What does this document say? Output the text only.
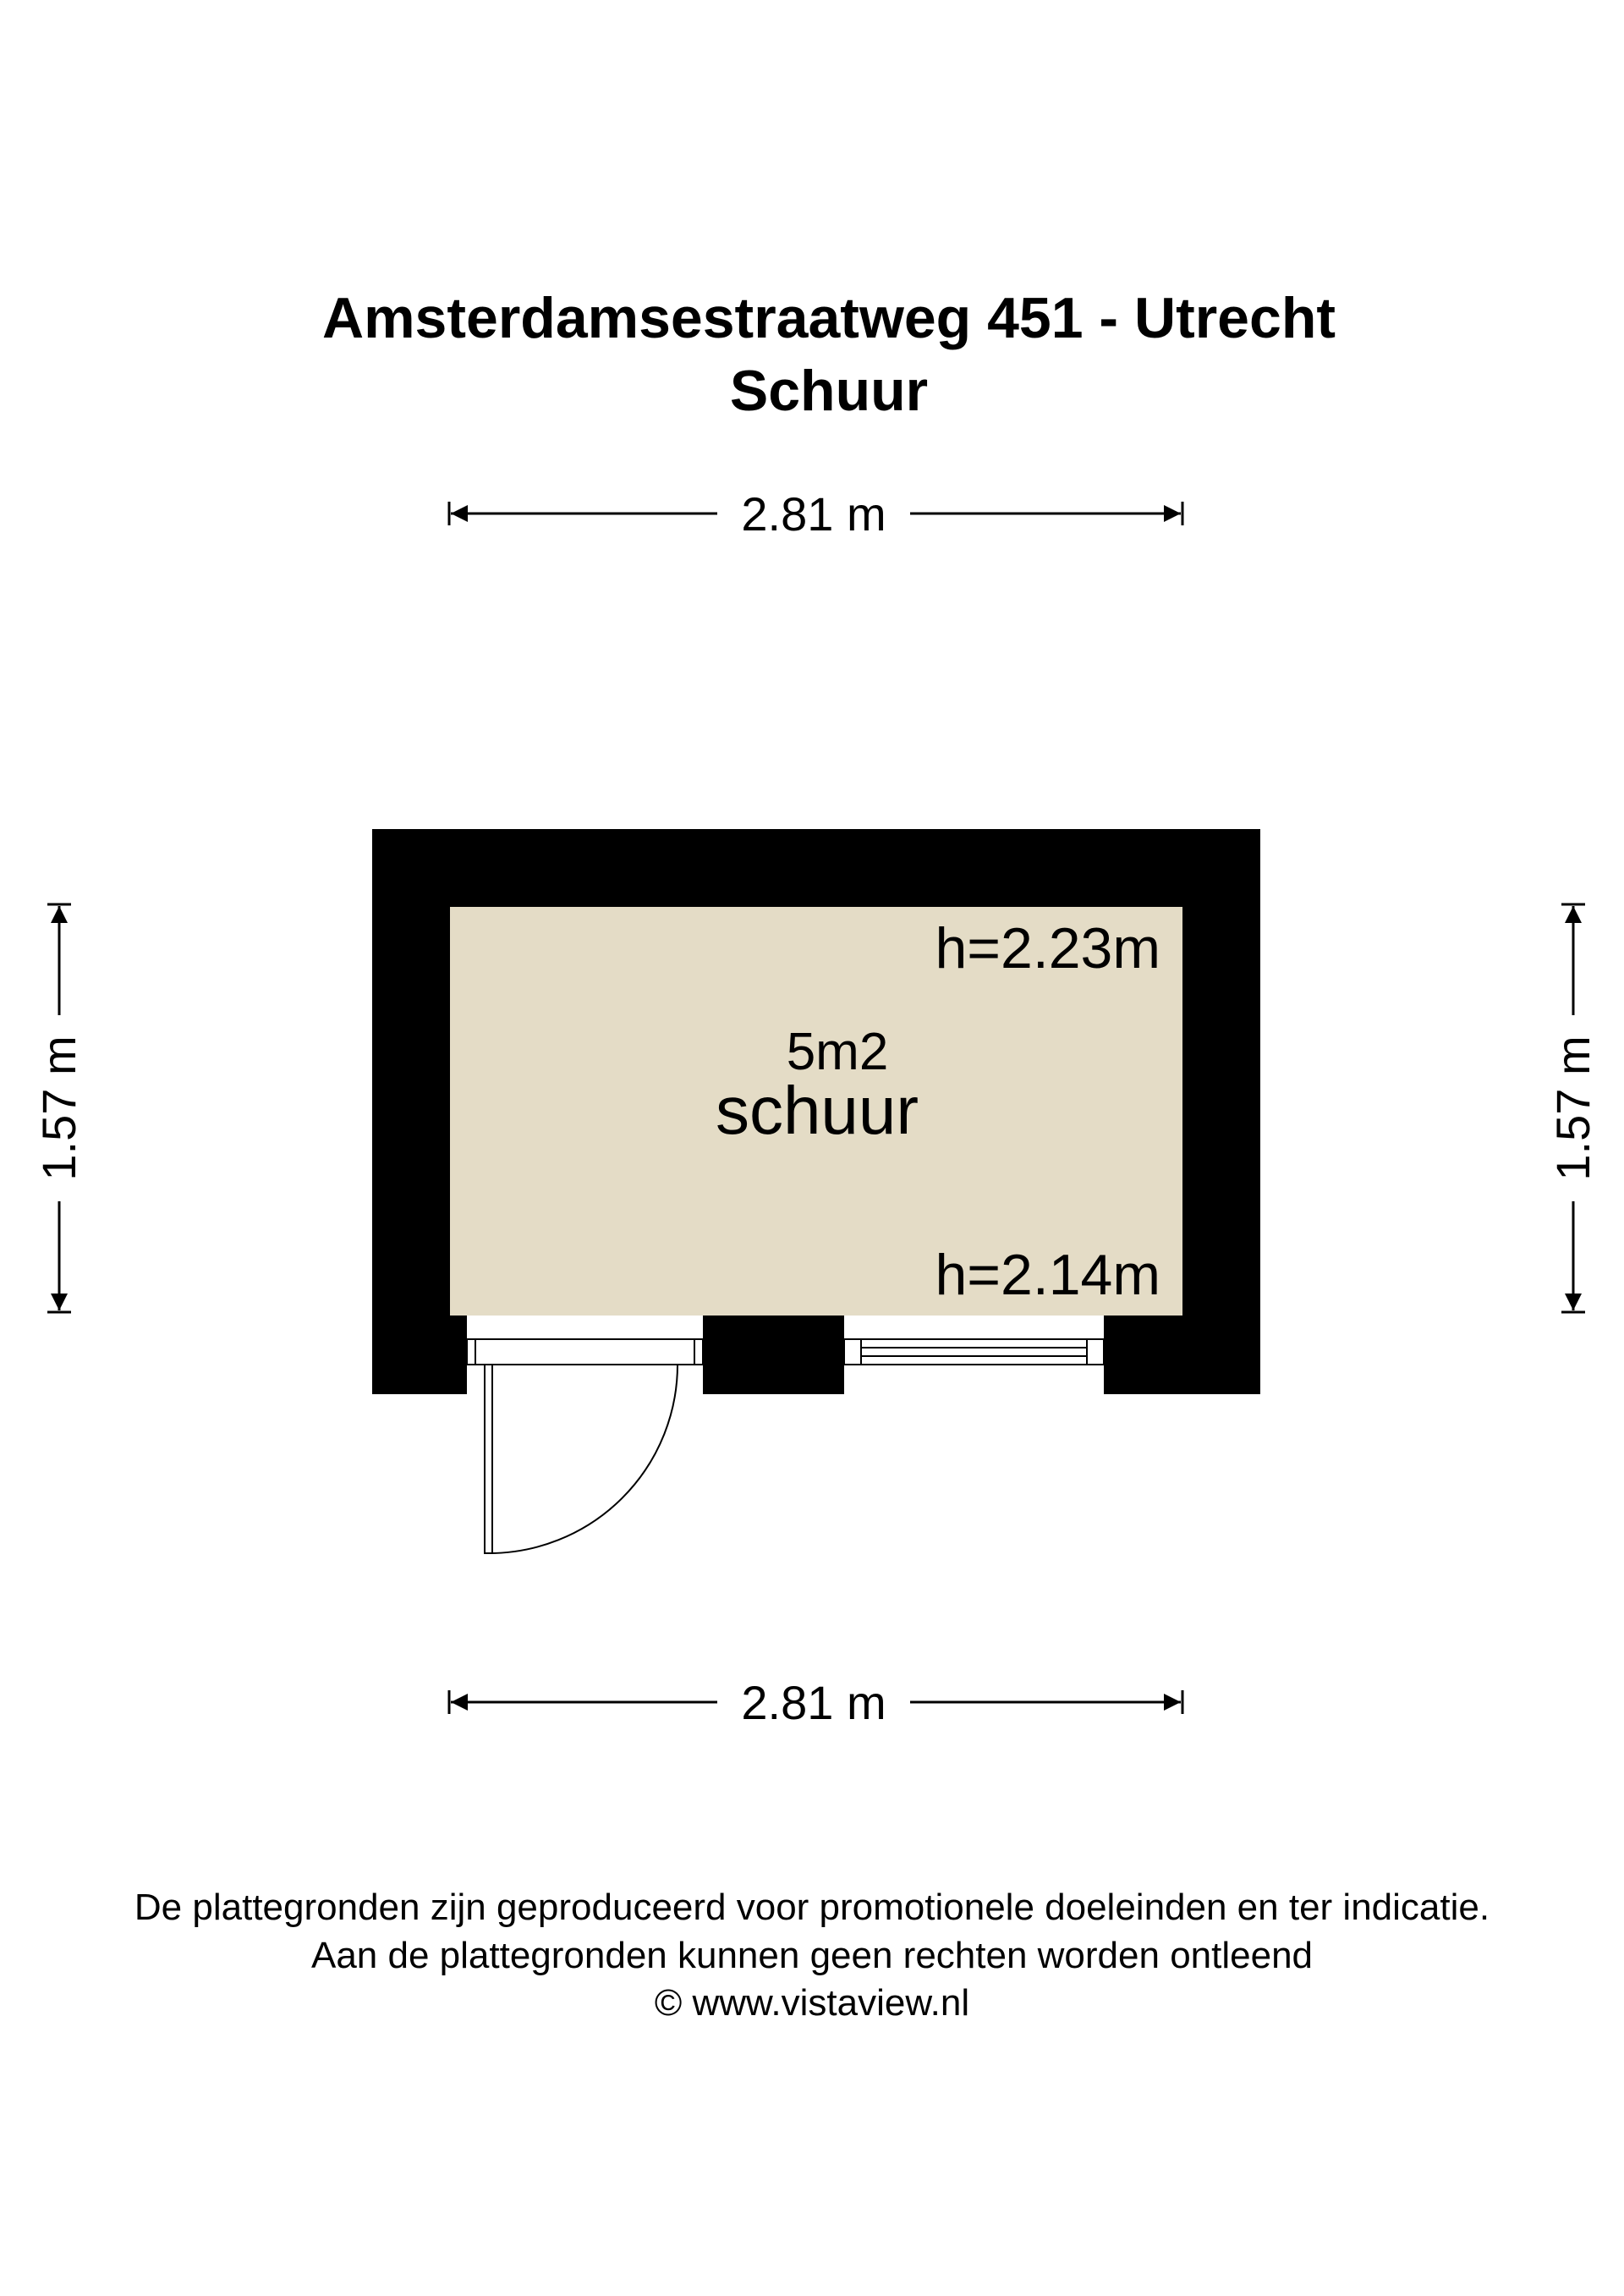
Amsterdamsestraatweg 451 - Utrecht
Schuur
2.81 m
2.81 m
1.57 m	1.57 m
h=2.23m
5m2
schuur
h=2.14m
De plattegronden zijn geproduceerd voor promotionele doeleinden en ter indicatie.
Aan de plattegronden kunnen geen rechten worden ontleend
© www.vistaview.nl
